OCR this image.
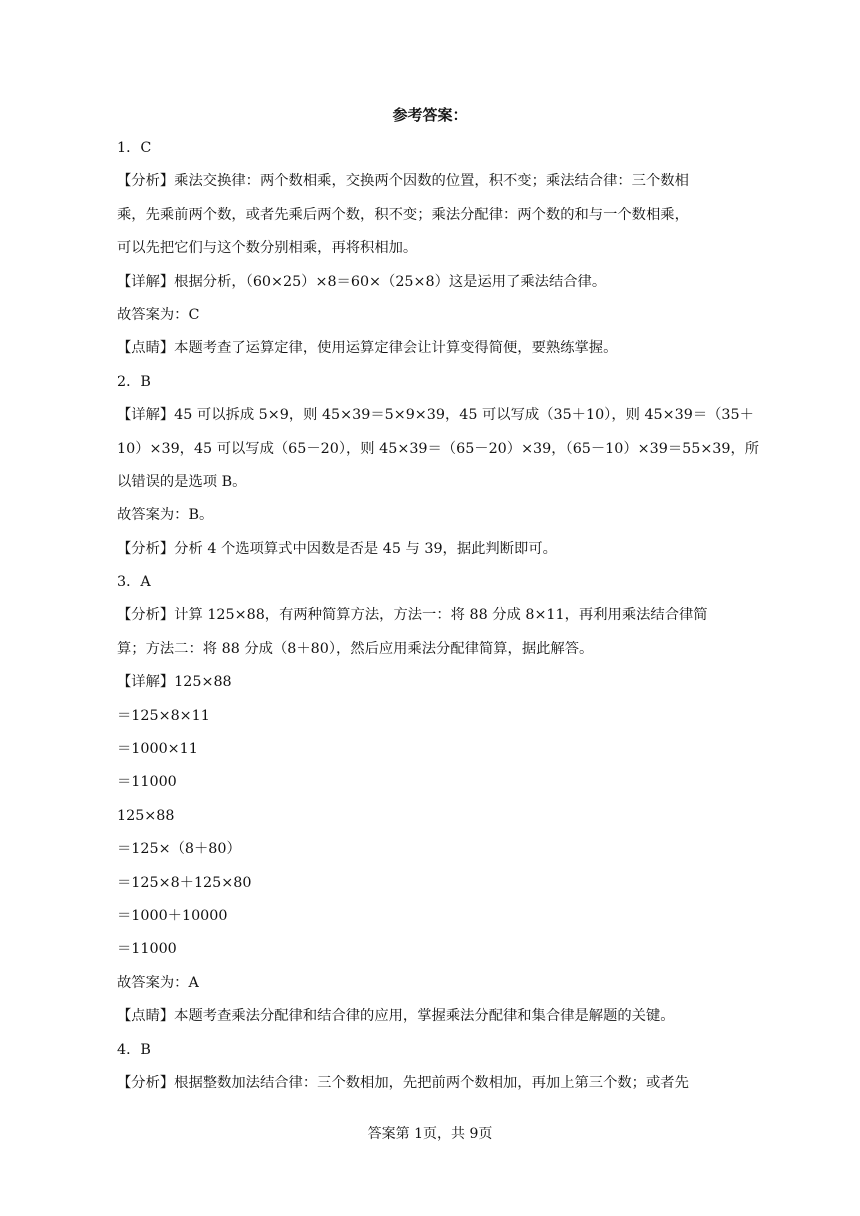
参考答案：
1．C
【分析】乘法交换律：两个数相乘，交换两个因数的位置，积不变；乘法结合律：三个数相
乘，先乘前两个数，或者先乘后两个数，积不变；乘法分配律：两个数的和与一个数相乘，
可以先把它们与这个数分别相乘，再将积相加。
【详解】根据分析，（60×25）×8＝60×（25×8）这是运用了乘法结合律。
故答案为：C
【点睛】本题考查了运算定律，使用运算定律会让计算变得简便，要熟练掌握。
2．B
【详解】45 可以拆成 5×9，则 45×39＝5×9×39，45 可以写成（35＋10），则 45×39＝（35＋
10）×39，45 可以写成（65－20），则 45×39＝（65－20）×39，（65－10）×39＝55×39，所
以错误的是选项 B。
故答案为：B。
【分析】分析 4 个选项算式中因数是否是 45 与 39，据此判断即可。
3．A
【分析】计算 125×88，有两种简算方法，方法一：将 88 分成 8×11，再利用乘法结合律简
算；方法二：将 88 分成（8＋80），然后应用乘法分配律简算，据此解答。
【详解】125×88
＝125×8×11
＝1000×11
＝11000
125×88
＝125×（8＋80）
＝125×8＋125×80
＝1000＋10000
＝11000
故答案为：A
【点睛】本题考查乘法分配律和结合律的应用，掌握乘法分配律和集合律是解题的关键。
4．B
【分析】根据整数加法结合律：三个数相加，先把前两个数相加，再加上第三个数；或者先
答案第 1页，共 9页
